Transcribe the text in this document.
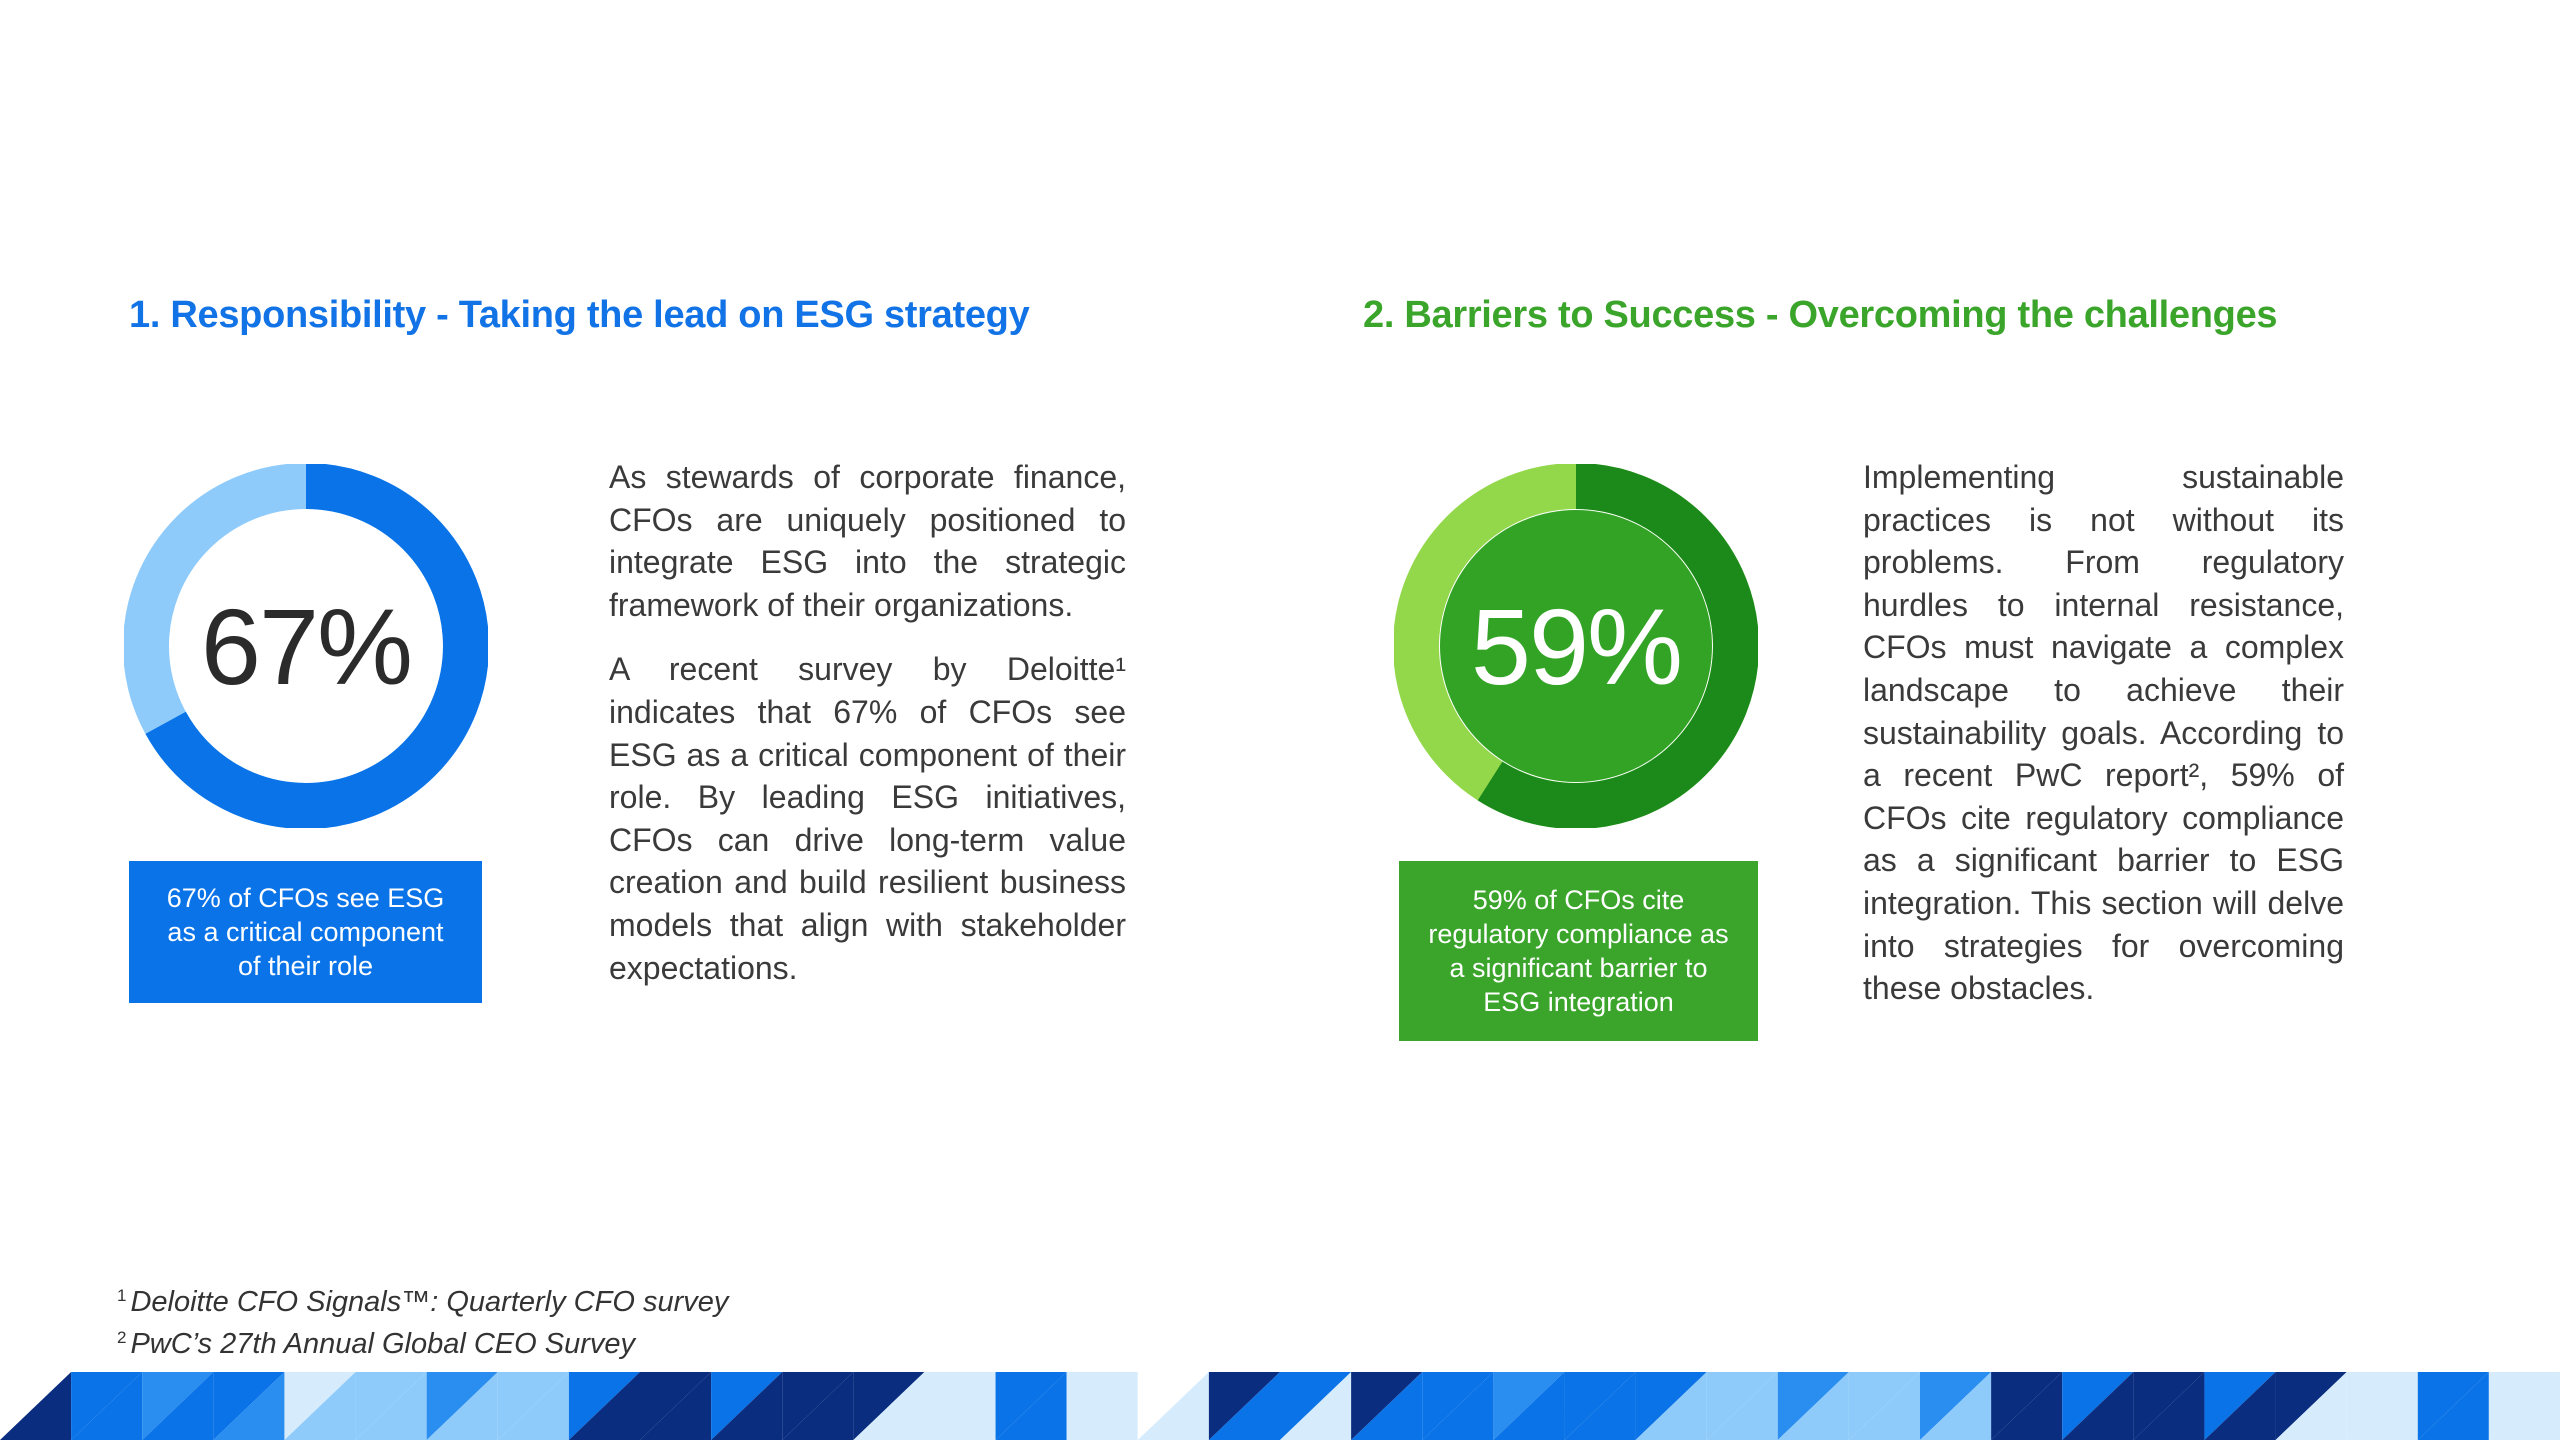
1. Responsibility - Taking the lead on ESG strategy	2. Barriers to Success - Overcoming the challenges
67%
67% of CFOs see ESG as a critical component of their role
59%
59% of CFOs cite regulatory compliance as a significant barrier to ESG integration

As stewards of corporate finance, CFOs are uniquely positioned to integrate ESG into the strategic framework of their organizations.

A recent survey by Deloitte¹ indicates that 67% of CFOs see ESG as a critical component of their role. By leading ESG initiatives, CFOs can drive long-term value creation and build resilient business models that align with stakeholder expectations.

Implementing sustainable practices is not without its problems. From regulatory hurdles to internal resistance, CFOs must navigate a complex landscape to achieve their sustainability goals. According to a recent PwC report², 59% of CFOs cite regulatory compliance as a significant barrier to ESG integration. This section will delve into strategies for overcoming these obstacles.

$^1$ Deloitte CFO Signals™: Quarterly CFO survey
$^2$ PwC’s 27th Annual Global CEO Survey
